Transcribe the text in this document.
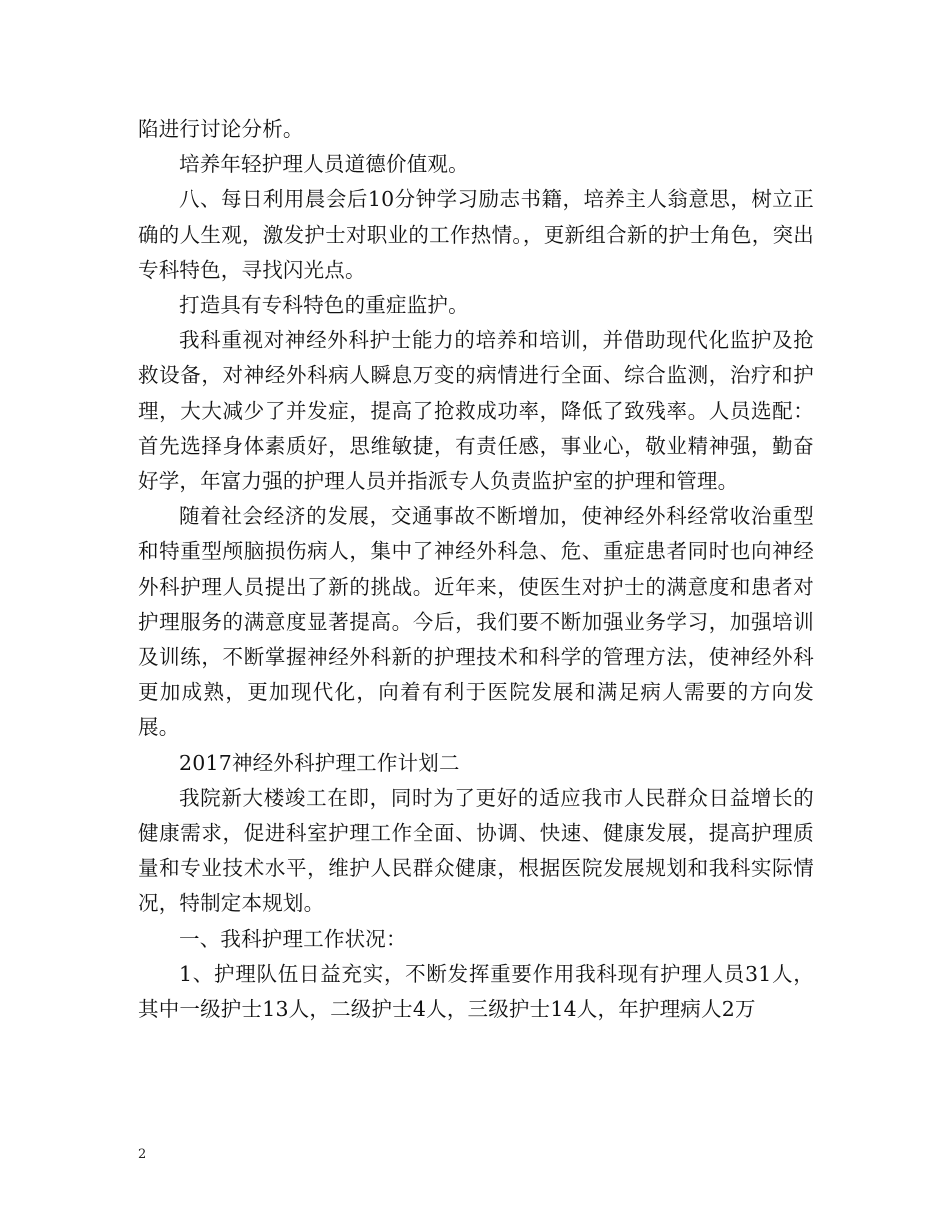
陷进行讨论分析。

培养年轻护理人员道德价值观。

八、每日利用晨会后10分钟学习励志书籍，培养主人翁意思，树立正确的人生观，激发护士对职业的工作热情。，更新组合新的护士角色，突出专科特色，寻找闪光点。

打造具有专科特色的重症监护。

我科重视对神经外科护士能力的培养和培训，并借助现代化监护及抢救设备，对神经外科病人瞬息万变的病情进行全面、综合监测，治疗和护理，大大减少了并发症，提高了抢救成功率，降低了致残率。人员选配：首先选择身体素质好，思维敏捷，有责任感，事业心，敬业精神强，勤奋好学，年富力强的护理人员并指派专人负责监护室的护理和管理。

随着社会经济的发展，交通事故不断增加，使神经外科经常收治重型和特重型颅脑损伤病人，集中了神经外科急、危、重症患者同时也向神经外科护理人员提出了新的挑战。近年来，使医生对护士的满意度和患者对护理服务的满意度显著提高。今后，我们要不断加强业务学习，加强培训及训练，不断掌握神经外科新的护理技术和科学的管理方法，使神经外科更加成熟，更加现代化，向着有利于医院发展和满足病人需要的方向发展。

2017神经外科护理工作计划二

我院新大楼竣工在即，同时为了更好的适应我市人民群众日益增长的健康需求，促进科室护理工作全面、协调、快速、健康发展，提高护理质量和专业技术水平，维护人民群众健康，根据医院发展规划和我科实际情况，特制定本规划。

一、我科护理工作状况：

1、护理队伍日益充实，不断发挥重要作用我科现有护理人员31人，其中一级护士13人，二级护士4人，三级护士14人，年护理病人2万

2
